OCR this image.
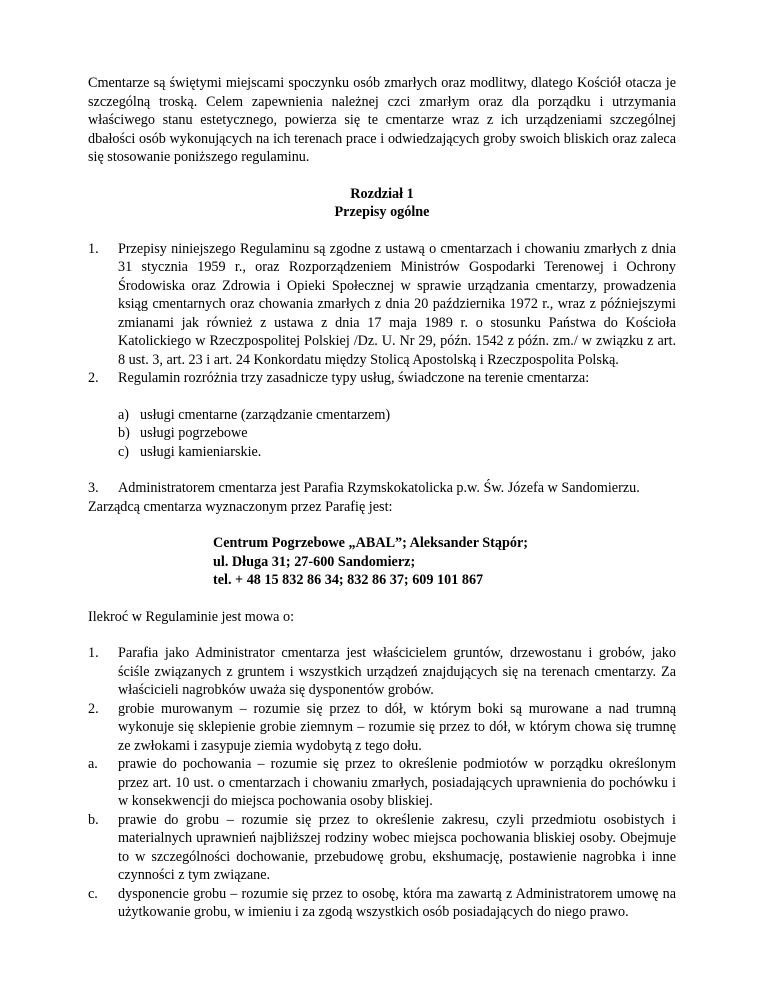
Cmentarze są świętymi miejscami spoczynku osób zmarłych oraz modlitwy, dlatego Kościół otacza je szczególną troską. Celem zapewnienia należnej czci zmarłym oraz dla porządku i utrzymania właściwego stanu estetycznego, powierza się te cmentarze wraz z ich urządzeniami szczególnej dbałości osób wykonujących na ich terenach prace i odwiedzających groby swoich bliskich oraz zaleca się stosowanie poniższego regulaminu.

Rozdział 1
Przepisy ogólne
1. Przepisy niniejszego Regulaminu są zgodne z ustawą o cmentarzach i chowaniu zmarłych z dnia 31 stycznia 1959 r., oraz Rozporządzeniem Ministrów Gospodarki Terenowej i Ochrony Środowiska oraz Zdrowia i Opieki Społecznej w sprawie urządzania cmentarzy, prowadzenia ksiąg cmentarnych oraz chowania zmarłych z dnia 20 października 1972 r., wraz z późniejszymi zmianami jak również z ustawa z dnia 17 maja 1989 r. o stosunku Państwa do Kościoła Katolickiego w Rzeczpospolitej Polskiej /Dz. U. Nr 29, późn. 1542 z późn. zm./ w związku z art. 8 ust. 3, art. 23 i art. 24 Konkordatu między Stolicą Apostolską i Rzeczpospolita Polską.
2. Regulamin rozróżnia trzy zasadnicze typy usług, świadczone na terenie cmentarza:
a) usługi cmentarne (zarządzanie cmentarzem)
b) usługi pogrzebowe
c) usługi kamieniarskie.
3. Administratorem cmentarza jest Parafia Rzymskokatolicka p.w. Św. Józefa w Sandomierzu.

Zarządcą cmentarza wyznaczonym przez Parafię jest:

Centrum Pogrzebowe „ABAL”; Aleksander Stąpór;
ul. Długa 31; 27-600 Sandomierz;
tel. + 48 15 832 86 34; 832 86 37; 609 101 867

Ilekroć w Regulaminie jest mowa o:

1. Parafia jako Administrator cmentarza jest właścicielem gruntów, drzewostanu i grobów, jako ściśle związanych z gruntem i wszystkich urządzeń znajdujących się na terenach cmentarzy. Za właścicieli nagrobków uważa się dysponentów grobów.
2. grobie murowanym – rozumie się przez to dół, w którym boki są murowane a nad trumną wykonuje się sklepienie grobie ziemnym – rozumie się przez to dół, w którym chowa się trumnę ze zwłokami i zasypuje ziemia wydobytą z tego dołu.
a. prawie do pochowania – rozumie się przez to określenie podmiotów w porządku określonym przez art. 10 ust. o cmentarzach i chowaniu zmarłych, posiadających uprawnienia do pochówku i w konsekwencji do miejsca pochowania osoby bliskiej.
b. prawie do grobu – rozumie się przez to określenie zakresu, czyli przedmiotu osobistych i materialnych uprawnień najbliższej rodziny wobec miejsca pochowania bliskiej osoby. Obejmuje to w szczególności dochowanie, przebudowę grobu, ekshumację, postawienie nagrobka i inne czynności z tym związane.
c. dysponencie grobu – rozumie się przez to osobę, która ma zawartą z Administratorem umowę na użytkowanie grobu, w imieniu i za zgodą wszystkich osób posiadających do niego prawo.
